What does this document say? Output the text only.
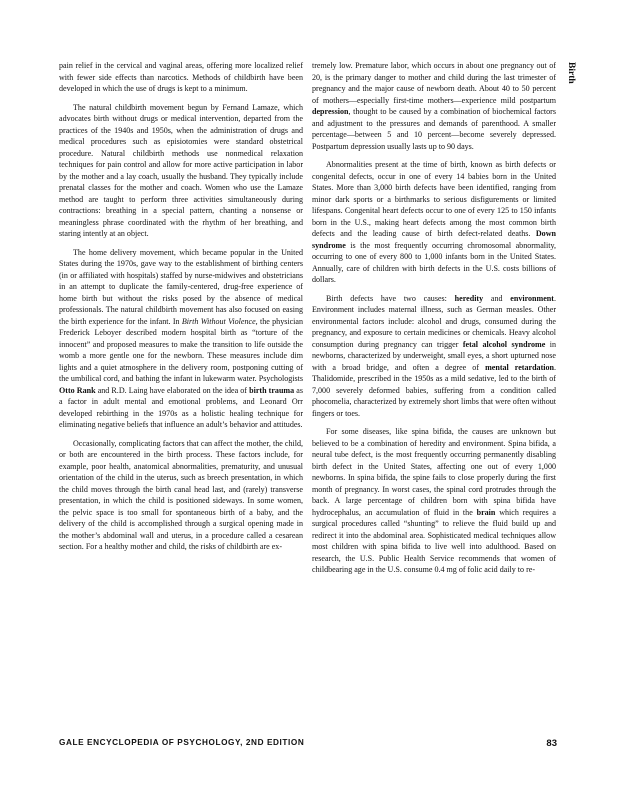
pain relief in the cervical and vaginal areas, offering more localized relief with fewer side effects than narcotics. Methods of childbirth have been developed in which the use of drugs is kept to a minimum.

The natural childbirth movement begun by Fernand Lamaze, which advocates birth without drugs or medical intervention, departed from the practices of the 1940s and 1950s, when the administration of drugs and medical procedures such as episiotomies were standard obstetrical procedure. Natural childbirth methods use nonmedical relaxation techniques for pain control and allow for more active participation in labor by the mother and a lay coach, usually the husband. They typically include prenatal classes for the mother and coach. Women who use the Lamaze method are taught to perform three activities simultaneously during contractions: breathing in a special pattern, chanting a nonsense or meaningless phrase coordinated with the rhythm of her breathing, and staring intently at an object.

The home delivery movement, which became popular in the United States during the 1970s, gave way to the establishment of birthing centers (in or affiliated with hospitals) staffed by nurse-midwives and obstetricians in an attempt to duplicate the family-centered, drug-free experience of home birth but without the risks posed by the absence of medical professionals. The natural childbirth movement has also focused on easing the birth experience for the infant. In Birth Without Violence, the physician Frederick Leboyer described modern hospital birth as “torture of the innocent” and proposed measures to make the transition to life outside the womb a more gentle one for the newborn. These measures include dim lights and a quiet atmosphere in the delivery room, postponing cutting of the umbilical cord, and bathing the infant in lukewarm water. Psychologists Otto Rank and R.D. Laing have elaborated on the idea of birth trauma as a factor in adult mental and emotional problems, and Leonard Orr developed rebirthing in the 1970s as a holistic healing technique for eliminating negative beliefs that influence an adult’s behavior and attitudes.

Occasionally, complicating factors that can affect the mother, the child, or both are encountered in the birth process. These factors include, for example, poor health, anatomical abnormalities, prematurity, and unusual orientation of the child in the uterus, such as breech presentation, in which the child moves through the birth canal head last, and (rarely) transverse presentation, in which the child is positioned sideways. In some women, the pelvic space is too small for spontaneous birth of a baby, and the delivery of the child is accomplished through a surgical opening made in the mother’s abdominal wall and uterus, in a procedure called a cesarean section. For a healthy mother and child, the risks of childbirth are ex-

tremely low. Premature labor, which occurs in about one pregnancy out of 20, is the primary danger to mother and child during the last trimester of pregnancy and the major cause of newborn death. About 40 to 50 percent of mothers—especially first-time mothers—experience mild postpartum depression, thought to be caused by a combination of biochemical factors and adjustment to the pressures and demands of parenthood. A smaller percentage—between 5 and 10 percent—become severely depressed. Postpartum depression usually lasts up to 90 days.

Abnormalities present at the time of birth, known as birth defects or congenital defects, occur in one of every 14 babies born in the United States. More than 3,000 birth defects have been identified, ranging from minor dark sports or a birthmarks to serious disfigurements or limited lifespans. Congenital heart defects occur to one of every 125 to 150 infants born in the U.S., making heart defects among the most common birth defects and the leading cause of birth defect-related deaths. Down syndrome is the most frequently occurring chromosomal abnormality, occurring to one of every 800 to 1,000 infants born in the United States. Annually, care of children with birth defects in the U.S. costs billions of dollars.

Birth defects have two causes: heredity and environment. Environment includes maternal illness, such as German measles. Other environmental factors include: alcohol and drugs, consumed during the pregnancy, and exposure to certain medicines or chemicals. Heavy alcohol consumption during pregnancy can trigger fetal alcohol syndrome in newborns, characterized by underweight, small eyes, a short upturned nose with a broad bridge, and often a degree of mental retardation. Thalidomide, prescribed in the 1950s as a mild sedative, led to the birth of 7,000 severely deformed babies, suffering from a condition called phocomelia, characterized by extremely short limbs that were often without fingers or toes.

For some diseases, like spina bifida, the causes are unknown but believed to be a combination of heredity and environment. Spina bifida, a neural tube defect, is the most frequently occurring permanently disabling birth defect in the United States, affecting one out of every 1,000 newborns. In spina bifida, the spine fails to close properly during the first month of pregnancy. In worst cases, the spinal cord protrudes through the back. A large percentage of children born with spina bifida have hydrocephalus, an accumulation of fluid in the brain which requires a surgical procedures called “shunting” to relieve the fluid build up and redirect it into the abdominal area. Sophisticated medical techniques allow most children with spina bifida to live well into adulthood. Based on research, the U.S. Public Health Service recommends that women of childbearing age in the U.S. consume 0.4 mg of folic acid daily to re-

Birth
GALE ENCYCLOPEDIA OF PSYCHOLOGY, 2ND EDITION	83
